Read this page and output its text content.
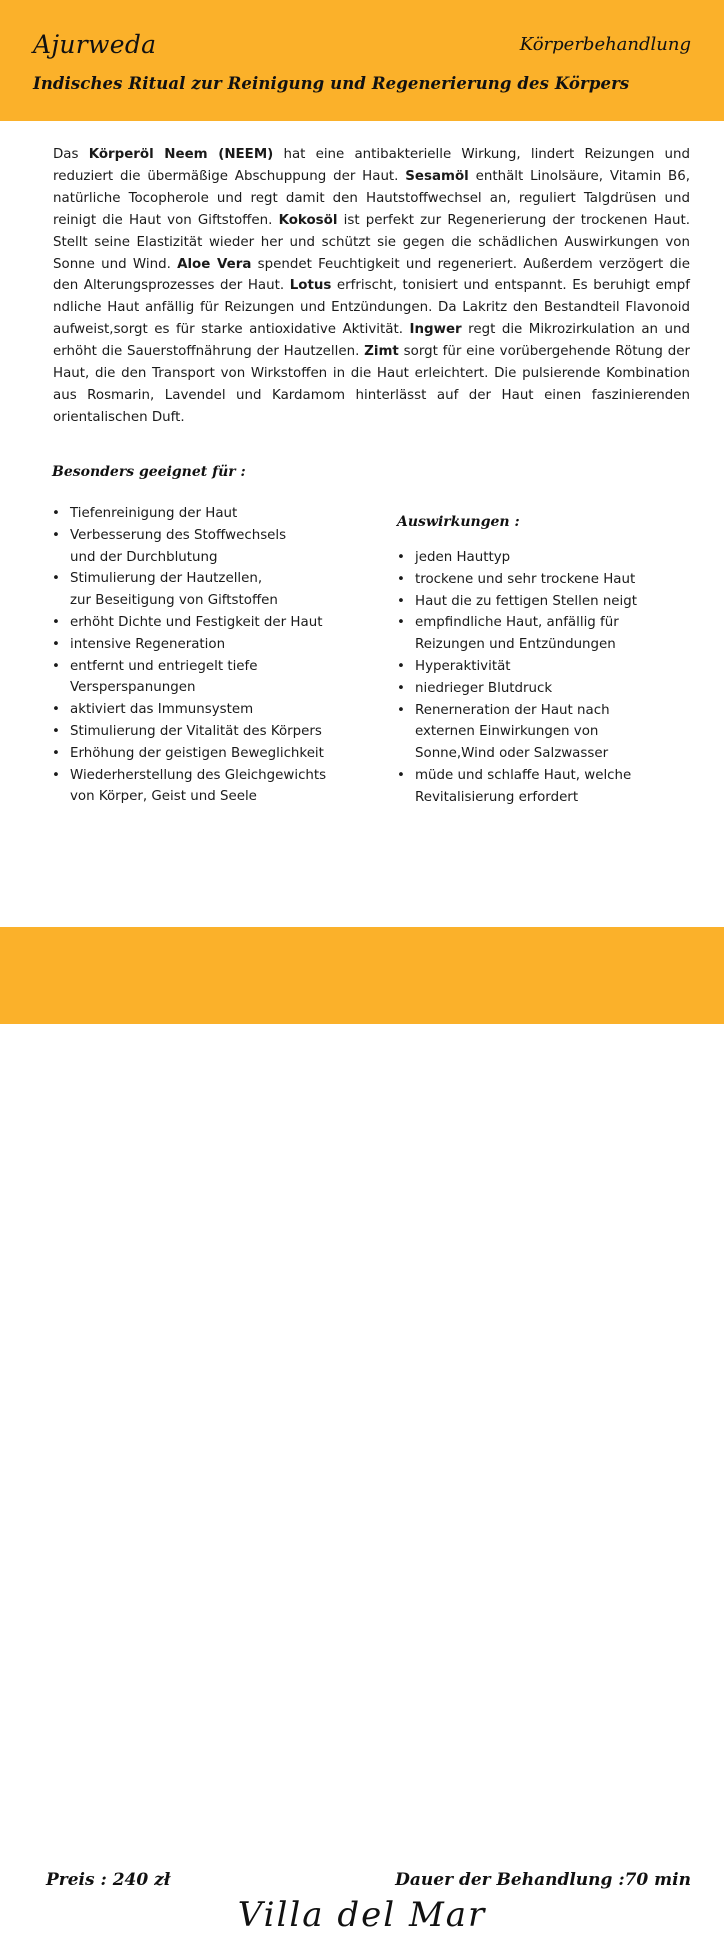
Ajurweda	Körperbehandlung
Indisches Ritual zur Reinigung und Regenerierung des Körpers
Das Körperöl Neem (NEEM) hat eine antibakterielle Wirkung, lindert Reizungen und reduziert die übermäßige Abschuppung der Haut. Sesamöl enthält Linolsäure, Vitamin B6, natürliche Tocopherole und regt damit den Hautstoffwechsel an, reguliert Talgdrüsen und reinigt die Haut von Giftstoffen. Kokosöl ist perfekt zur Regenerierung der trockenen Haut. Stellt seine Elastizität wieder her und schützt sie gegen die schädlichen Auswirkungen von Sonne und Wind. Aloe Vera spendet Feuchtigkeit und regeneriert. Außerdem verzögert die den Alterungsprozesses der Haut. Lotus erfrischt, tonisiert und entspannt. Es beruhigt empf ndliche Haut anfällig für Reizungen und Entzündungen. Da Lakritz den Bestandteil Flavonoid aufweist,sorgt es für starke antioxidative Aktivität. Ingwer regt die Mikrozirkulation an und erhöht die Sauerstoffnährung der Hautzellen. Zimt sorgt für eine vorübergehende Rötung der Haut, die den Transport von Wirkstoffen in die Haut erleichtert. Die pulsierende Kombination aus Rosmarin, Lavendel und Kardamom hinterlässt auf der Haut einen faszinierenden orientalischen Duft.
Besonders geeignet für :
• Tiefenreinigung der Haut
• Verbesserung des Stoffwechsels
und der Durchblutung
• Stimulierung der Hautzellen,
zur Beseitigung von Giftstoffen
• erhöht Dichte und Festigkeit der Haut
• intensive Regeneration
• entfernt und entriegelt tiefe
Versperspanungen
• aktiviert das Immunsystem
• Stimulierung der Vitalität des Körpers
• Erhöhung der geistigen Beweglichkeit
• Wiederherstellung des Gleichgewichts
von Körper, Geist und Seele
Auswirkungen :
• jeden Hauttyp
• trockene und sehr trockene Haut
• Haut die zu fettigen Stellen neigt
• empfindliche Haut, anfällig für
Reizungen und Entzündungen
• Hyperaktivität
• niedrieger Blutdruck
• Renerneration der Haut nach
externen Einwirkungen von
Sonne,Wind oder Salzwasser
• müde und schlaffe Haut, welche
Revitalisierung erfordert
Preis : 240 zł	Dauer der Behandlung :70 min
Villa del Mar
